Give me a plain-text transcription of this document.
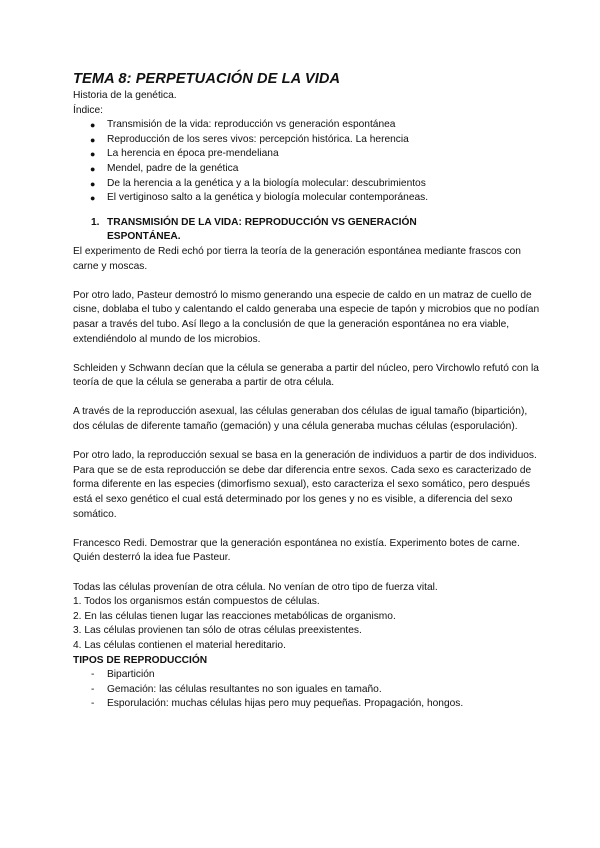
TEMA 8: PERPETUACIÓN DE LA VIDA

Historia de la genética.

Índice:

● Transmisión de la vida: reproducción vs generación espontánea
● Reproducción de los seres vivos: percepción histórica. La herencia
● La herencia en época pre-mendeliana
● Mendel, padre de la genética
● De la herencia a la genética y a la biología molecular: descubrimientos
● El vertiginoso salto a la genética y biología molecular contemporáneas.
1. TRANSMISIÓN DE LA VIDA: REPRODUCCIÓN VS GENERACIÓN ESPONTÁNEA.

El experimento de Redi echó por tierra la teoría de la generación espontánea mediante frascos con carne y moscas.

Por otro lado, Pasteur demostró lo mismo generando una especie de caldo en un matraz de cuello de cisne, doblaba el tubo y calentando el caldo generaba una especie de tapón y microbios que no podían pasar a través del tubo. Así llego a la conclusión de que la generación espontánea no era viable, extendiéndolo al mundo de los microbios.

Schleiden y Schwann decían que la célula se generaba a partir del núcleo, pero Virchowlo refutó con la teoría de que la célula se generaba a partir de otra célula.

A través de la reproducción asexual, las células generaban dos células de igual tamaño (bipartición), dos células de diferente tamaño (gemación) y una célula generaba muchas células (esporulación).

Por otro lado, la reproducción sexual se basa en la generación de individuos a partir de dos individuos. Para que se de esta reproducción se debe dar diferencia entre sexos. Cada sexo es caracterizado de forma diferente en las especies (dimorfismo sexual), esto caracteriza el sexo somático, pero después está el sexo genético el cual está determinado por los genes y no es visible, a diferencia del sexo somático.

Francesco Redi. Demostrar que la generación espontánea no existía. Experimento botes de carne.

Quién desterró la idea fue Pasteur.

Todas las células provenían de otra célula. No venían de otro tipo de fuerza vital.

1. Todos los organismos están compuestos de células.
2. En las células tienen lugar las reacciones metabólicas de organismo.
3. Las células provienen tan sólo de otras células preexistentes.
4. Las células contienen el material hereditario.

TIPOS DE REPRODUCCIÓN

- Bipartición
- Gemación: las células resultantes no son iguales en tamaño.
- Esporulación: muchas células hijas pero muy pequeñas. Propagación, hongos.
